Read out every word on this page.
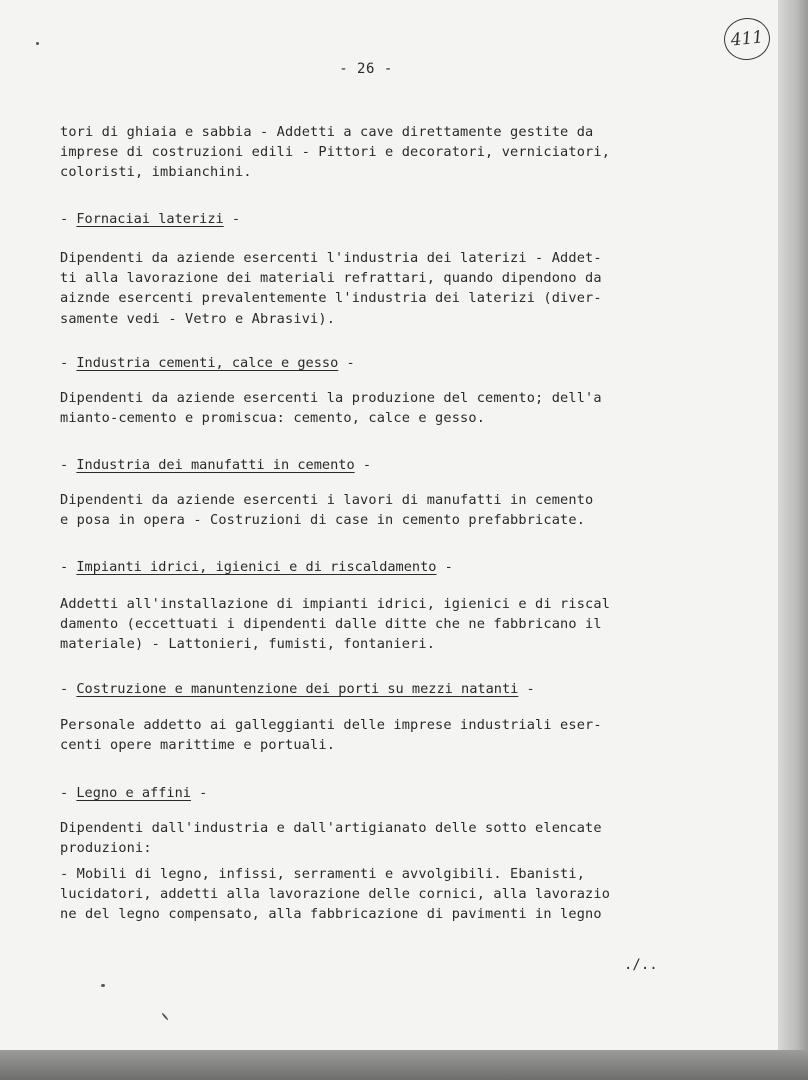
- 26 -
411

tori di ghiaia e sabbia - Addetti a cave direttamente gestite da
imprese di costruzioni edili - Pittori e decoratori, verniciatori,
coloristi, imbianchini.

- Fornaciai laterizi -

Dipendenti da aziende esercenti l'industria dei laterizi - Addet-
ti alla lavorazione dei materiali refrattari, quando dipendono da
aiznde esercenti prevalentemente l'industria dei laterizi (diver-
samente vedi - Vetro e Abrasivi).

- Industria cementi, calce e gesso -

Dipendenti da aziende esercenti la produzione del cemento; dell'a
mianto-cemento e promiscua: cemento, calce e gesso.

- Industria dei manufatti in cemento -

Dipendenti da aziende esercenti i lavori di manufatti in cemento
e posa in opera - Costruzioni di case in cemento prefabbricate.

- Impianti idrici, igienici e di riscaldamento -

Addetti all'installazione di impianti idrici, igienici e di riscal
damento (eccettuati i dipendenti dalle ditte che ne fabbricano il
materiale) - Lattonieri, fumisti, fontanieri.

- Costruzione e manuntenzione dei porti su mezzi natanti -

Personale addetto ai galleggianti delle imprese industriali eser-
centi opere marittime e portuali.

- Legno e affini -

Dipendenti dall'industria e dall'artigianato delle sotto elencate
produzioni:

- Mobili di legno, infissi, serramenti e avvolgibili. Ebanisti,
lucidatori, addetti alla lavorazione delle cornici, alla lavorazio
ne del legno compensato, alla fabbricazione di pavimenti in legno

./..
